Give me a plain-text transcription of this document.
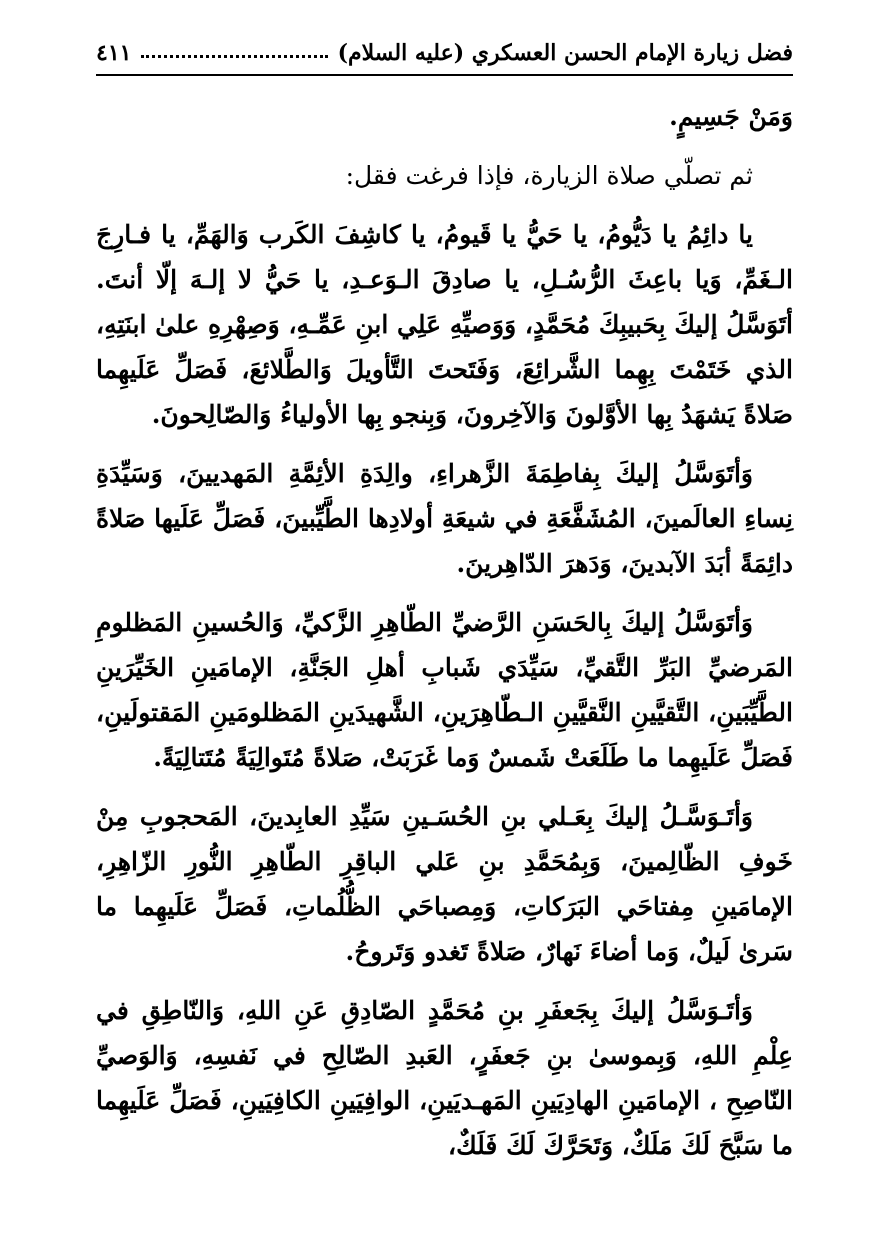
فضل زيارة الإمام الحسن العسكري (عليه السلام)
٤١١

وَمَنْ جَسِيمٍ.

ثم تصلّي صلاة الزيارة، فإذا فرغت فقل:

يا دائِمُ يا دَيُّومُ، يا حَيُّ يا قَيومُ، يا كاشِفَ الكَرب وَالهَمِّ، يا فـارِجَ الـغَمِّ، وَيا باعِثَ الرُّسُـلِ، يا صادِقَ الـوَعـدِ، يا حَيُّ لا إلـهَ إلّا أنتَ. أتَوَسَّلُ إليكَ بِحَبيبِكَ مُحَمَّدٍ، وَوَصيِّهِ عَلِي ابنِ عَمِّـهِ، وَصِهْرِهِ علىٰ ابنَتِهِ، الذي خَتَمْتَ بِهِما الشَّرائِعَ، وَفَتَحتَ التَّأويلَ وَالطَّلائعَ، فَصَلِّ عَلَيهِما صَلاةً يَشهَدُ بِها الأوَّلونَ وَالآخِرونَ، وَبِنجو بِها الأولياءُ وَالصّالِحونَ.

وَأتَوَسَّلُ إليكَ بِفاطِمَةَ الزَّهراءِ، والِدَةِ الأئِمَّةِ المَهديينَ، وَسَيِّدَةِ نِساءِ العالَمينَ، المُشَفَّعَةِ في شيعَةِ أولادِها الطَّيِّبينَ، فَصَلِّ عَلَيها صَلاةً دائِمَةً أبَدَ الآبدينَ، وَدَهرَ الدّاهِرينَ.

وَأتَوَسَّلُ إليكَ بِالحَسَنِ الرَّضيِّ الطّاهِرِ الزَّكيِّ، وَالحُسينِ المَظلومِ المَرضيِّ البَرِّ التَّقيِّ، سَيِّدَي شَبابِ أهلِ الجَنَّةِ، الإمامَينِ الخَيِّرَينِ الطَّيِّبَينِ، التَّقيَّينِ النَّقيَّينِ الـطّاهِرَينِ، الشَّهيدَينِ المَظلومَينِ المَقتولَينِ، فَصَلِّ عَلَيهِما ما طَلَعَتْ شَمسٌ وَما غَرَبَتْ، صَلاةً مُتَوالِيَةً مُتَتالِيَةً.

وَأتَـوَسَّـلُ إليكَ بِعَـلي بنِ الحُسَـينِ سَيِّدِ العابِدينَ، المَحجوبِ مِنْ خَوفِ الظّالِمينَ، وَبِمُحَمَّدِ بنِ عَلي الباقِرِ الطّاهِرِ النُّورِ الزّاهِرِ، الإمامَينِ مِفتاحَي البَرَكاتِ، وَمِصباحَي الظُّلُماتِ، فَصَلِّ عَلَيهِما ما سَرىٰ لَيلٌ، وَما أضاءَ نَهارٌ، صَلاةً تَغدو وَتَروحُ.

وَأتَـوَسَّلُ إليكَ بِجَعفَرِ بنِ مُحَمَّدٍ الصّادِقِ عَنِ اللهِ، وَالنّاطِقِ في عِلْمِ اللهِ، وَبِموسىٰ بنِ جَعفَرٍ، العَبدِ الصّالِحِ في نَفسِهِ، وَالوَصيِّ النّاصِحِ ، الإمامَينِ الهادِيَينِ المَهـديَينِ، الوافِيَينِ الكافِيَينِ، فَصَلِّ عَلَيهِما ما سَبَّحَ لَكَ مَلَكٌ، وَتَحَرَّكَ لَكَ فَلَكٌ،
